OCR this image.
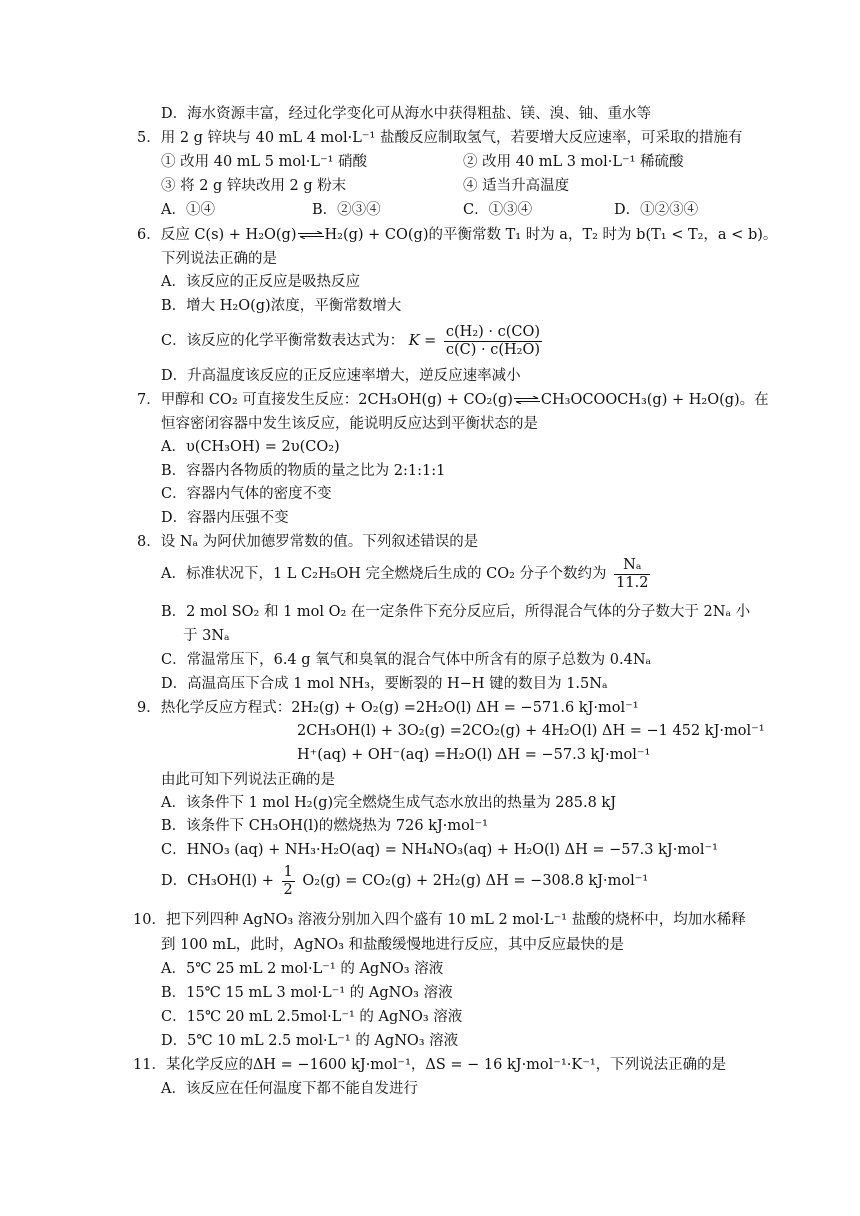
D．海水资源丰富，经过化学变化可从海水中获得粗盐、镁、溴、铀、重水等
5．用 2 g 锌块与 40 mL 4 mol·L⁻¹ 盐酸反应制取氢气，若要增大反应速率，可采取的措施有
① 改用 40 mL 5 mol·L⁻¹ 硝酸	② 改用 40 mL 3 mol·L⁻¹ 稀硫酸
③ 将 2 g 锌块改用 2 g 粉末	④ 适当升高温度
A．①④	B．②③④	C．①③④	D．①②③④
6．反应 C(s) + H₂O(g)⇌H₂(g) + CO(g)的平衡常数 T₁ 时为 a，T₂ 时为 b(T₁ < T₂，a < b)。
下列说法正确的是
A．该反应的正反应是吸热反应
B．增大 H₂O(g)浓度，平衡常数增大
C．该反应的化学平衡常数表达式为： $K = \frac{\text{c(H₂) · c(CO)}}{\text{c(C) · c(H₂O)}}$
D．升高温度该反应的正反应速率增大，逆反应速率减小
7．甲醇和 CO₂ 可直接发生反应：2CH₃OH(g) + CO₂(g)⇌CH₃OCOOCH₃(g) + H₂O(g)。在
恒容密闭容器中发生该反应，能说明反应达到平衡状态的是
A．υ(CH₃OH) = 2υ(CO₂)
B．容器内各物质的物质的量之比为 2:1:1:1
C．容器内气体的密度不变
D．容器内压强不变
8．设 Nₐ 为阿伏加德罗常数的值。下列叙述错误的是
A．标准状况下，1 L C₂H₅OH 完全燃烧后生成的 CO₂ 分子个数约为 $\frac{\text{Nₐ}}{11.2}$
B．2 mol SO₂ 和 1 mol O₂ 在一定条件下充分反应后，所得混合气体的分子数大于 2Nₐ 小
于 3Nₐ
C．常温常压下，6.4 g 氧气和臭氧的混合气体中所含有的原子总数为 0.4Nₐ
D．高温高压下合成 1 mol NH₃，要断裂的 H−H 键的数目为 1.5Nₐ
9．热化学反应方程式：2H₂(g) + O₂(g) =2H₂O(l) ΔH = −571.6 kJ·mol⁻¹
2CH₃OH(l) + 3O₂(g) =2CO₂(g) + 4H₂O(l) ΔH = −1 452 kJ·mol⁻¹
H⁺(aq) + OH⁻(aq) =H₂O(l) ΔH = −57.3 kJ·mol⁻¹
由此可知下列说法正确的是
A．该条件下 1 mol H₂(g)完全燃烧生成气态水放出的热量为 285.8 kJ
B．该条件下 CH₃OH(l)的燃烧热为 726 kJ·mol⁻¹
C．HNO₃ (aq) + NH₃·H₂O(aq) = NH₄NO₃(aq) + H₂O(l) ΔH = −57.3 kJ·mol⁻¹
D．$CH_3OH(l) + \frac{1}{2} O_2(g) = CO_2(g) + 2H_2(g) \Delta H = -308.8$ kJ·mol⁻¹
10．把下列四种 AgNO₃ 溶液分别加入四个盛有 10 mL 2 mol·L⁻¹ 盐酸的烧杯中，均加水稀释
到 100 mL，此时，AgNO₃ 和盐酸缓慢地进行反应，其中反应最快的是
A．5℃ 25 mL 2 mol·L⁻¹ 的 AgNO₃ 溶液
B．15℃ 15 mL 3 mol·L⁻¹ 的 AgNO₃ 溶液
C．15℃ 20 mL 2.5mol·L⁻¹ 的 AgNO₃ 溶液
D．5℃ 10 mL 2.5 mol·L⁻¹ 的 AgNO₃ 溶液
11．某化学反应的ΔH = −1600 kJ·mol⁻¹，ΔS = − 16 kJ·mol⁻¹·K⁻¹，下列说法正确的是
A．该反应在任何温度下都不能自发进行
